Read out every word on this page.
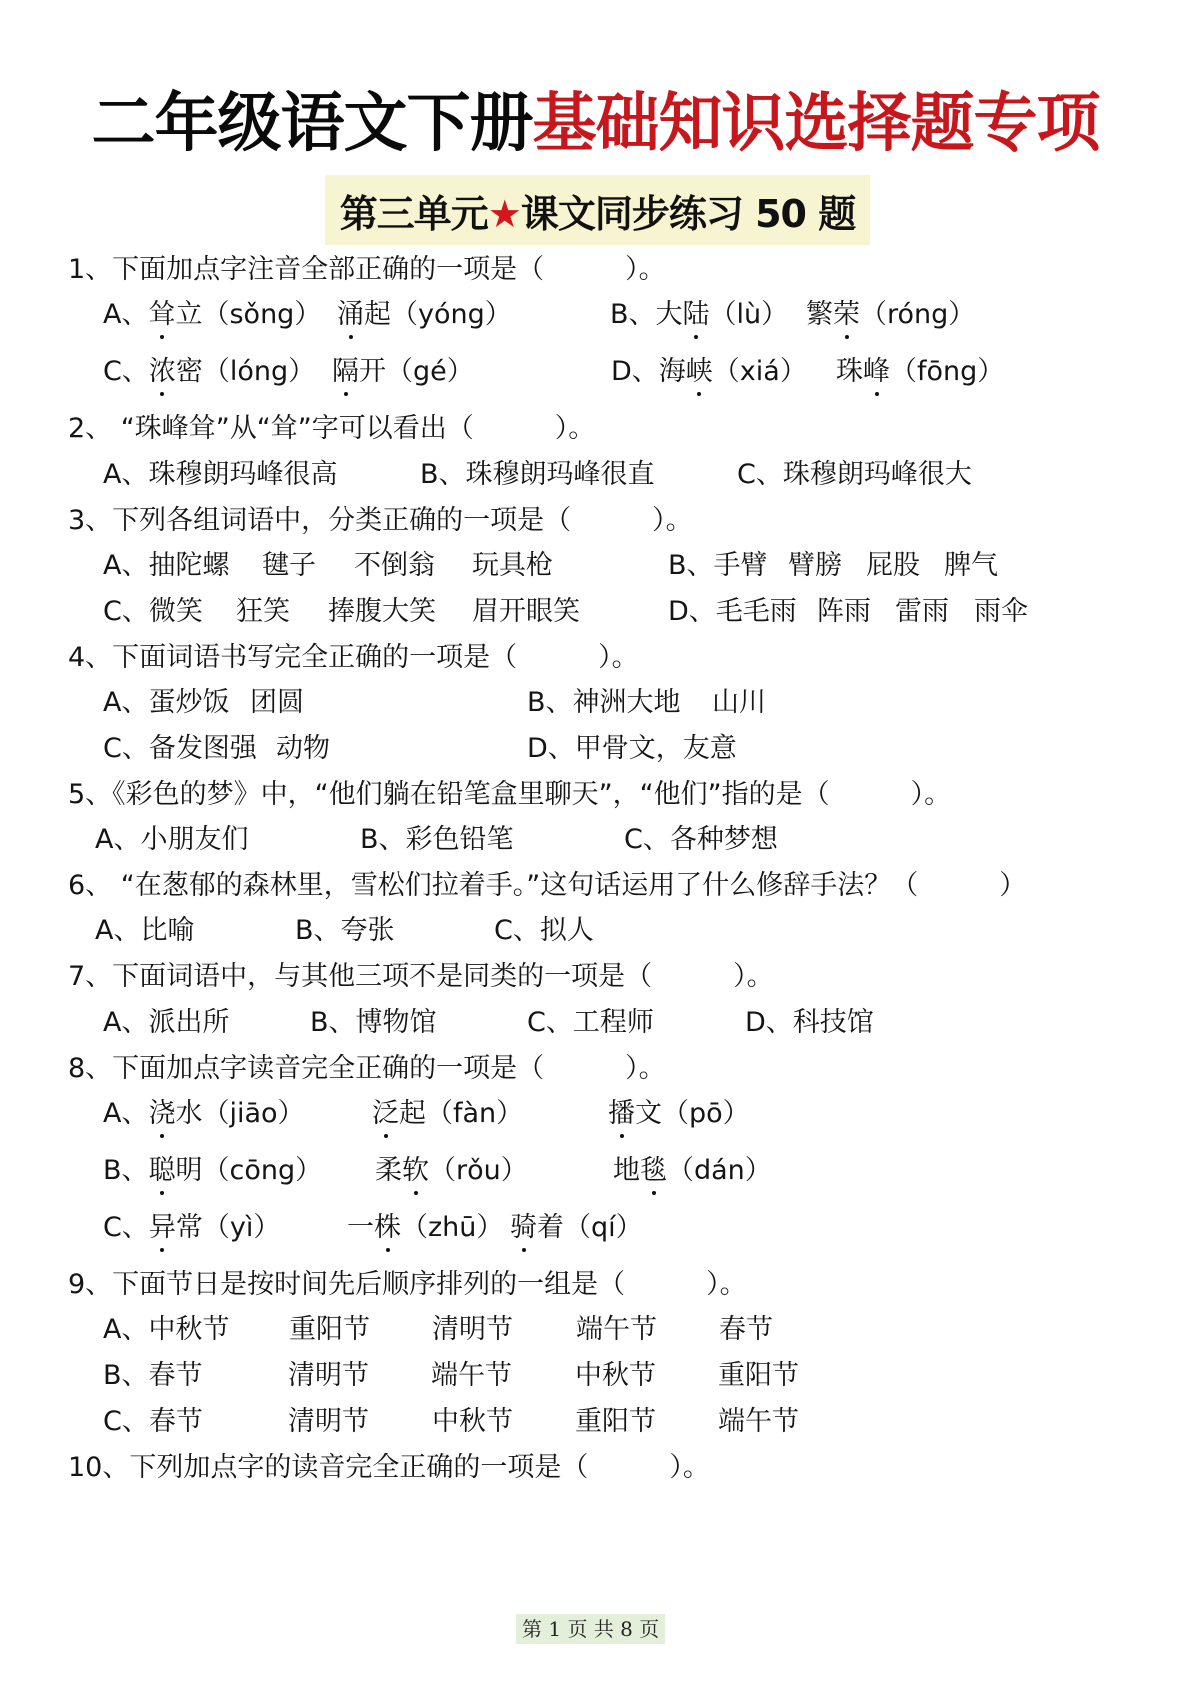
二年级语文下册基础知识选择题专项
第三单元★课文同步练习 50 题
1、下面加点字注音全部正确的一项是（　　　）。
A、耸立（sǒng） 涌起（yóng）	B、大陆（lù） 繁荣（róng）
C、浓密（lóng） 隔开（gé）	D、海峡（xiá） 珠峰（fōng）
2、 “珠峰耸”从“耸”字可以看出（　　　）。
A、珠穆朗玛峰很高	B、珠穆朗玛峰很直	C、珠穆朗玛峰很大
3、下列各组词语中，分类正确的一项是（　　　）。
A、抽陀螺 毽子 不倒翁 玩具枪	B、手臂 臂膀 屁股 脾气
C、微笑 狂笑 捧腹大笑 眉开眼笑	D、毛毛雨 阵雨 雷雨 雨伞
4、下面词语书写完全正确的一项是（　　　）。
A、蛋炒饭 团圆	B、神洲大地 山川
C、备发图强 动物	D、甲骨文，友意
5、《彩色的梦》中，“他们躺在铅笔盒里聊天”，“他们”指的是（　　　）。
A、小朋友们	B、彩色铅笔	C、各种梦想
6、 “在葱郁的森林里，雪松们拉着手。”这句话运用了什么修辞手法？（　　　）
A、比喻	B、夸张	C、拟人
7、下面词语中，与其他三项不是同类的一项是（　　　）。
A、派出所	B、博物馆	C、工程师	D、科技馆
8、下面加点字读音完全正确的一项是（　　　）。
A、浇水（jiāo） 泛起（fàn）	播文（pō）
B、聪明（cōng） 柔软（rǒu）	地毯（dán）
C、异常（yì） 一株（zhū） 骑着（qí）
9、下面节日是按时间先后顺序排列的一组是（　　　）。
A、中秋节 重阳节 清明节 端午节 春节
B、春节	清明节 端午节 中秋节 重阳节
C、春节	清明节 中秋节 重阳节 端午节
10、下列加点字的读音完全正确的一项是（　　　）。
第 1 页 共 8 页
